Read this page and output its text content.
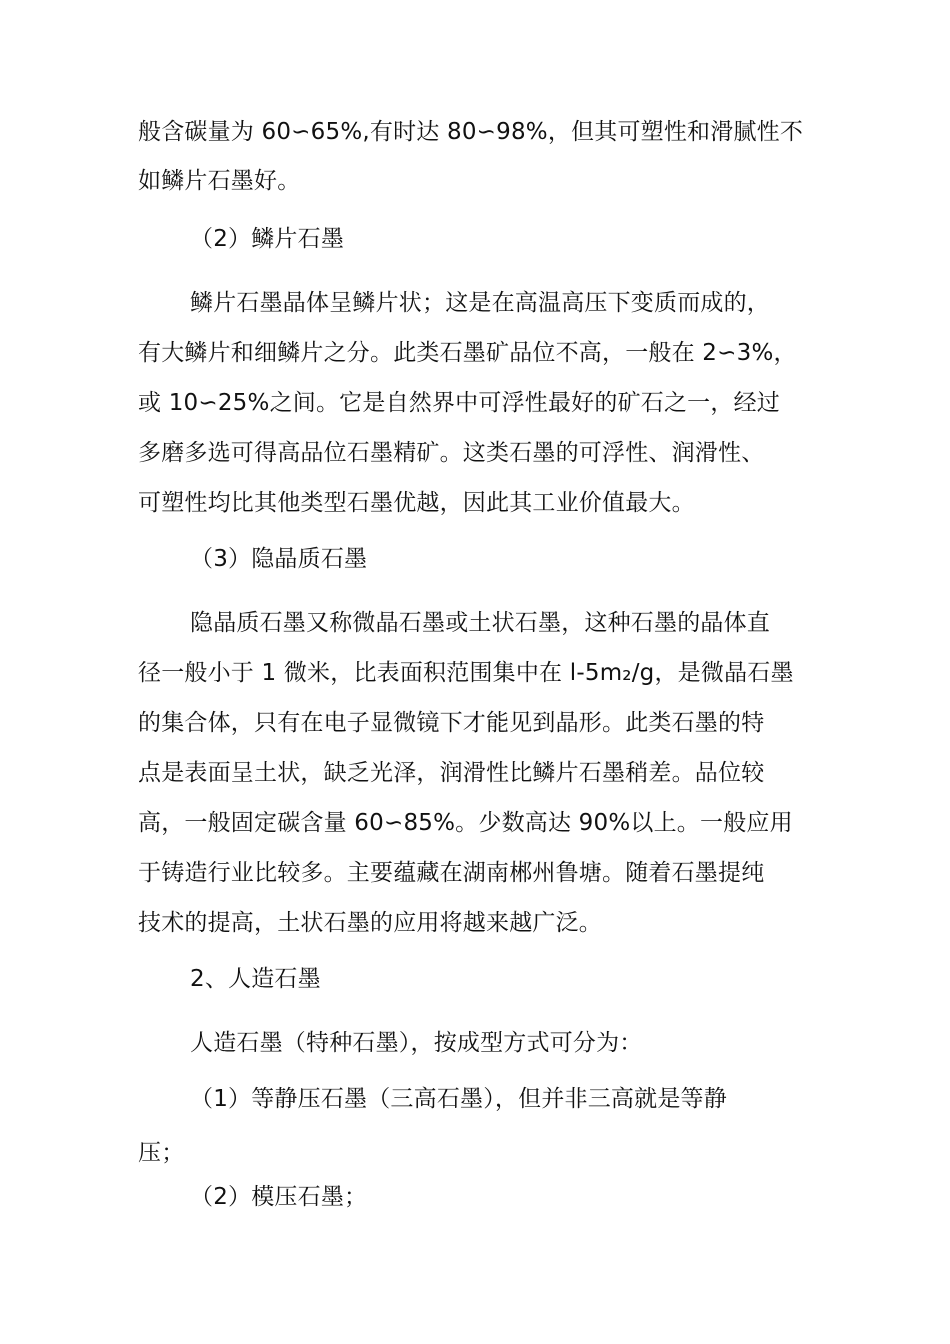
般含碳量为 60∽65%,有时达 80∽98%，但其可塑性和滑腻性不
如鳞片石墨好。
（2）鳞片石墨
鳞片石墨晶体呈鳞片状；这是在高温高压下变质而成的，
有大鳞片和细鳞片之分。此类石墨矿品位不高，一般在 2∽3%，
或 10∽25%之间。它是自然界中可浮性最好的矿石之一，经过
多磨多选可得高品位石墨精矿。这类石墨的可浮性、润滑性、
可塑性均比其他类型石墨优越，因此其工业价值最大。
（3）隐晶质石墨
隐晶质石墨又称微晶石墨或土状石墨，这种石墨的晶体直
径一般小于 1 微米，比表面积范围集中在 l-5m₂/g，是微晶石墨
的集合体，只有在电子显微镜下才能见到晶形。此类石墨的特
点是表面呈土状，缺乏光泽，润滑性比鳞片石墨稍差。品位较
高，一般固定碳含量 60∽85%。少数高达 90%以上。一般应用
于铸造行业比较多。主要蕴藏在湖南郴州鲁塘。随着石墨提纯
技术的提高，土状石墨的应用将越来越广泛。
2、人造石墨
人造石墨（特种石墨），按成型方式可分为：
（1）等静压石墨（三高石墨），但并非三高就是等静
压；
（2）模压石墨；
